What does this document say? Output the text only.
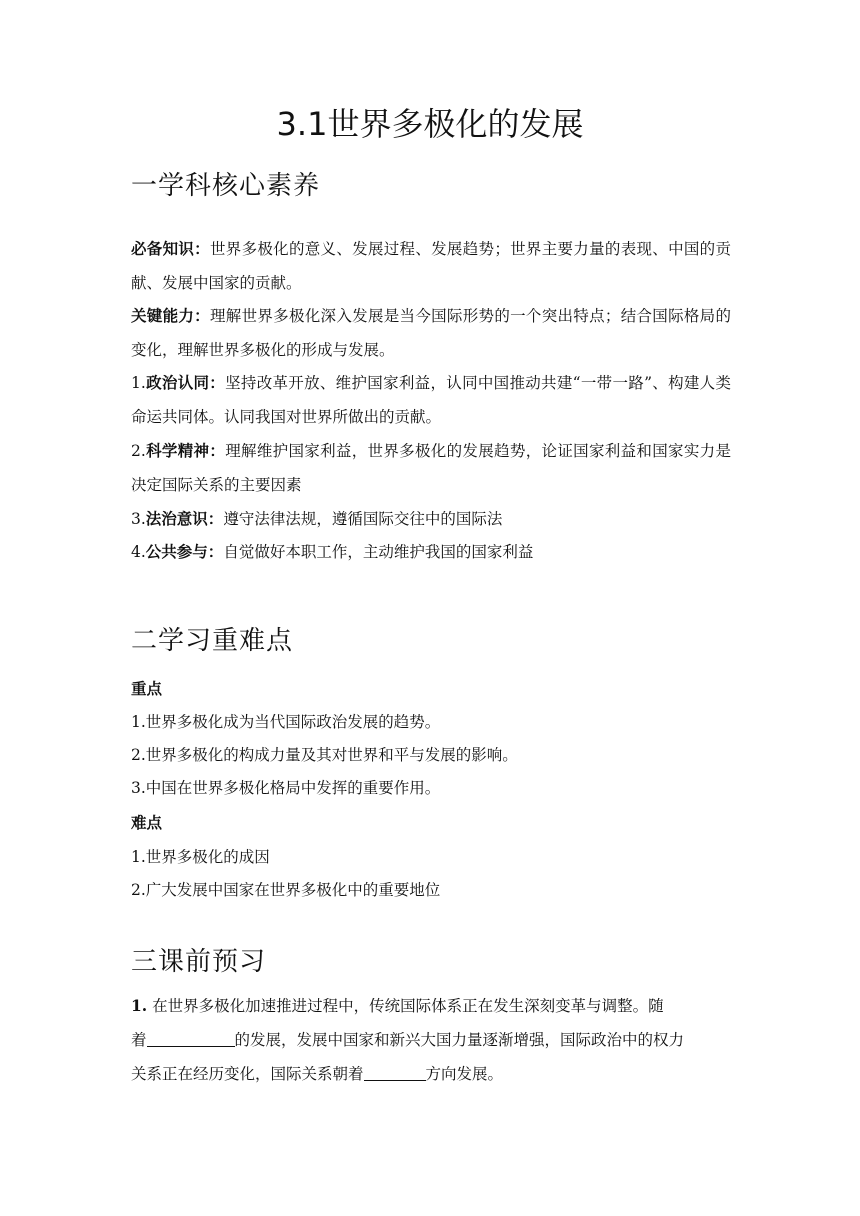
3.1世界多极化的发展
一学科核心素养

必备知识：世界多极化的意义、发展过程、发展趋势；世界主要力量的表现、中国的贡献、发展中国家的贡献。

关键能力：理解世界多极化深入发展是当今国际形势的一个突出特点；结合国际格局的变化，理解世界多极化的形成与发展。

1.政治认同：坚持改革开放、维护国家利益，认同中国推动共建“一带一路”、构建人类命运共同体。认同我国对世界所做出的贡献。

2.科学精神：理解维护国家利益，世界多极化的发展趋势，论证国家利益和国家实力是决定国际关系的主要因素

3.法治意识：遵守法律法规，遵循国际交往中的国际法

4.公共参与：自觉做好本职工作，主动维护我国的国家利益

二学习重难点

重点

1.世界多极化成为当代国际政治发展的趋势。

2.世界多极化的构成力量及其对世界和平与发展的影响。

3.中国在世界多极化格局中发挥的重要作用。

难点

1.世界多极化的成因

2.广大发展中国家在世界多极化中的重要地位

三课前预习

1. 在世界多极化加速推进过程中，传统国际体系正在发生深刻变革与调整。随

着	的发展，发展中国家和新兴大国力量逐渐增强，国际政治中的权力

关系正在经历变化，国际关系朝着	方向发展。
